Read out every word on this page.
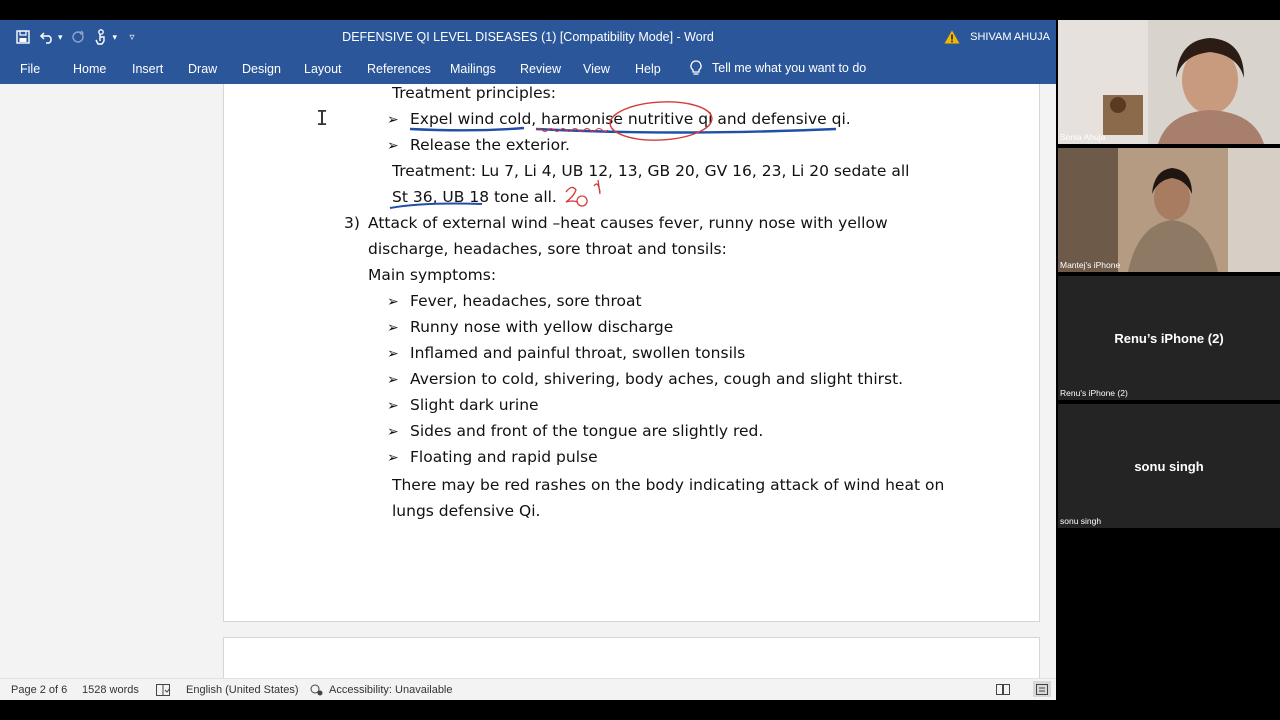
▾	▾	▿	DEFENSIVE QI LEVEL DISEASES (1) [Compatibility Mode] - Word	SHIVAM AHUJA
File	Home Insert Draw Design Layout References Mailings Review View Help	Tell me what you want to do
Treatment principles:
➢ Expel wind cold, harmonise nutritive qi and defensive qi.
➢ Release the exterior.
Treatment: Lu 7, Li 4, UB 12, 13, GB 20, GV 16, 23, Li 20 sedate all
St 36, UB 18 tone all.
3) Attack of external wind –heat causes fever, runny nose with yellow
discharge, headaches, sore throat and tonsils:
Main symptoms:
➢ Fever, headaches, sore throat
➢ Runny nose with yellow discharge
➢ Inflamed and painful throat, swollen tonsils
➢ Aversion to cold, shivering, body aches, cough and slight thirst.
➢ Slight dark urine
➢ Sides and front of the tongue are slightly red.
➢ Floating and rapid pulse
There may be red rashes on the body indicating attack of wind heat on
lungs defensive Qi.
I
Page 2 of 6 1528 words	English (United States)	Accessibility: Unavailable
Sonia Ahuja
Mantej's iPhone
Renu’s iPhone (2)
Renu's iPhone (2)
sonu singh
sonu singh
